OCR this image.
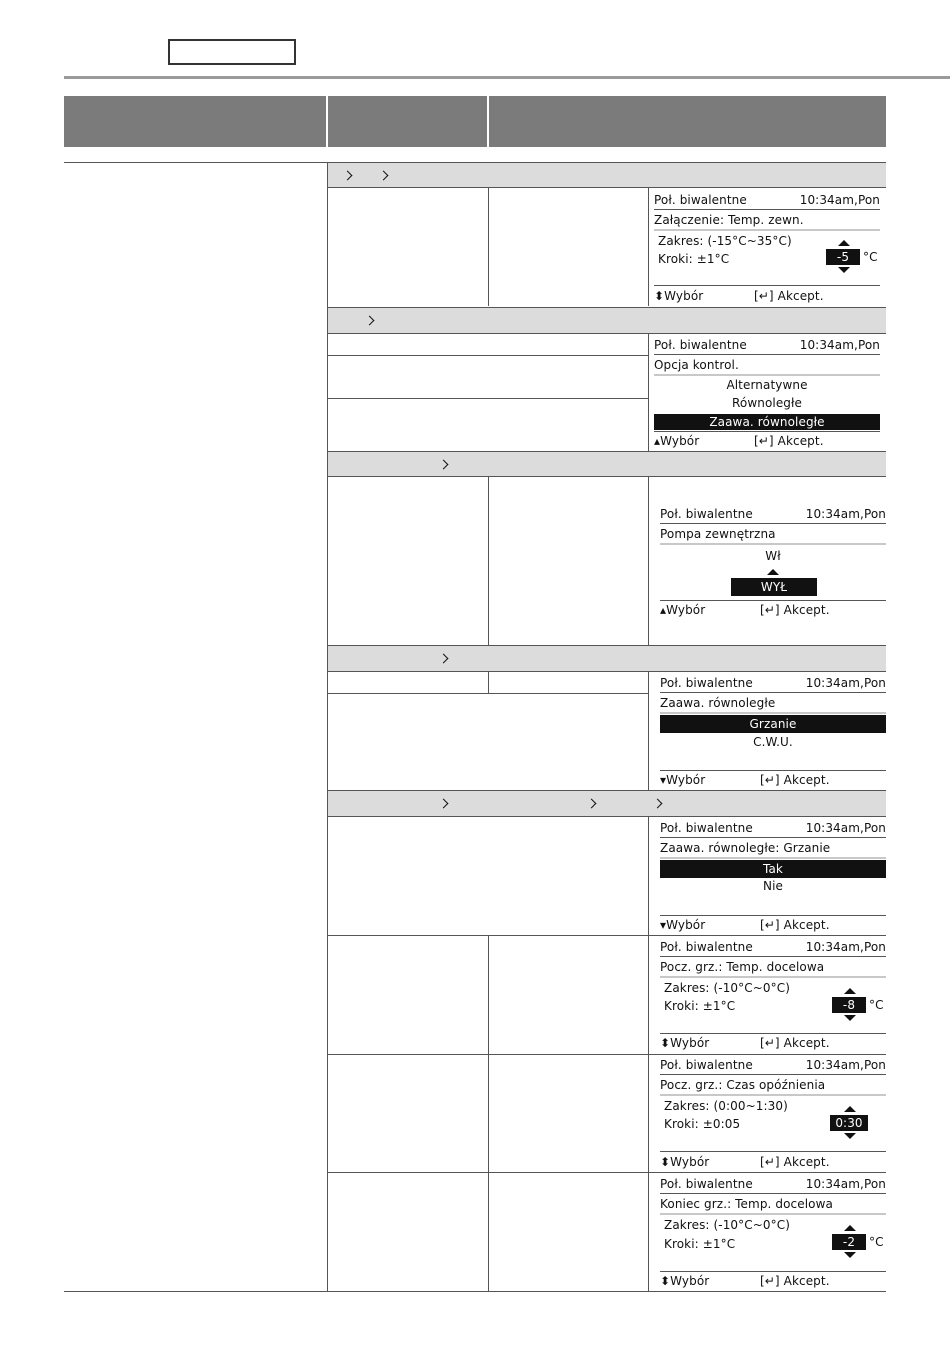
Poł. biwalentne	10:34am,Pon
Załączenie: Temp. zewn.
Zakres: (-15°C~35°C)
Kroki: ±1°C	-5	°C
⬍Wybór	[↵] Akcept.
Poł. biwalentne	10:34am,Pon
Opcja kontrol.
Alternatywne
Równoległe
Zaawa. równoległe
▴Wybór	[↵] Akcept.
Poł. biwalentne	10:34am,Pon
Pompa zewnętrzna
Wł
WYŁ
▴Wybór	[↵] Akcept.
Poł. biwalentne	10:34am,Pon
Zaawa. równoległe
Grzanie
C.W.U.
▾Wybór	[↵] Akcept.
Poł. biwalentne	10:34am,Pon
Zaawa. równoległe: Grzanie
Tak
Nie
▾Wybór	[↵] Akcept.
Poł. biwalentne	10:34am,Pon
Pocz. grz.: Temp. docelowa
Zakres: (-10°C~0°C)
Kroki: ±1°C	-8	°C
⬍Wybór	[↵] Akcept.
Poł. biwalentne	10:34am,Pon
Pocz. grz.: Czas opóźnienia
Zakres: (0:00~1:30)
Kroki: ±0:05	0:30
⬍Wybór	[↵] Akcept.
Poł. biwalentne	10:34am,Pon
Koniec grz.: Temp. docelowa
Zakres: (-10°C~0°C)
Kroki: ±1°C	-2	°C
⬍Wybór	[↵] Akcept.
